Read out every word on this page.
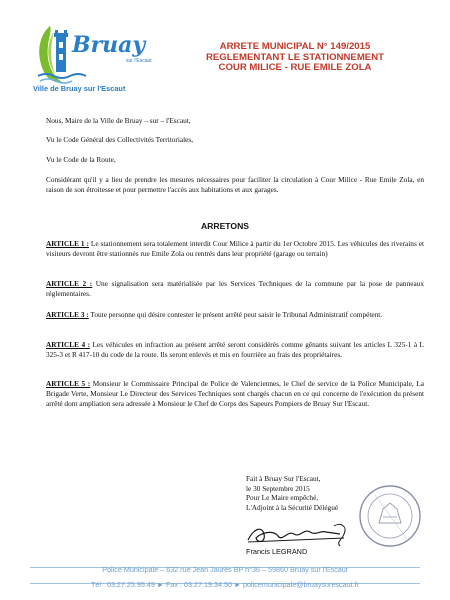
Bruay
sur l'Escaut
Ville de Bruay sur l'Escaut
ARRETE MUNICIPAL N° 149/2015
REGLEMENTANT LE STATIONNEMENT
COUR MILICE - RUE EMILE ZOLA
Nous, Maire de la Ville de Bruay – sur – l'Escaut,
Vu le Code Général des Collectivités Territoriales,
Vu le Code de la Route,
Considérant qu'il y a lieu de prendre les mesures nécessaires pour faciliter la circulation à Cour Milice - Rue Emile Zola, en raison de son étroitesse et pour permettre l'accès aux habitations et aux garages.
ARRETONS
ARTICLE 1 : Le stationnement sera totalement interdit Cour Milice à partir du 1er Octobre 2015. Les véhicules des riverains et visiteurs devront être stationnés rue Emile Zola ou rentrés dans leur propriété (garage ou terrain)
ARTICLE 2 : Une signalisation sera matérialisée par les Services Techniques de la commune par la pose de panneaux réglementaires.
ARTICLE 3 : Toute personne qui désire contester le présent arrêté peut saisir le Tribunal Administratif compétent.
ARTICLE 4 : Les véhicules en infraction au présent arrêté seront considérés comme gênants suivant les articles L 325-1 à L 325-3 et R 417-10 du code de la route. Ils seront enlevés et mis en fourrière au frais des propriétaires.
ARTICLE 5 : Monsieur le Commissaire Principal de Police de Valenciennes, le Chef de service de la Police Municipale, La Brigade Verte, Monsieur Le Directeur des Services Techniques sont chargés chacun en ce qui concerne de l'exécution du présent arrêté dont ampliation sera adressée à Monsieur le Chef de Corps des Sapeurs Pompiers de Bruay Sur l'Escaut.
Fait à Bruay Sur l'Escaut,
le 30 Septembre 2015
Pour Le Maire empêché,
L'Adjoint à la Sécurité Délégué
Francis LEGRAND
Police Municipale – 632 rue Jean Jaurès BP n°36 – 59860 Bruay sur l'Escaut
Tél : 03.27.25.95.49 ► Fax : 03.27.19.34.50 ► policemunicipale@bruaysurescaut.fr
